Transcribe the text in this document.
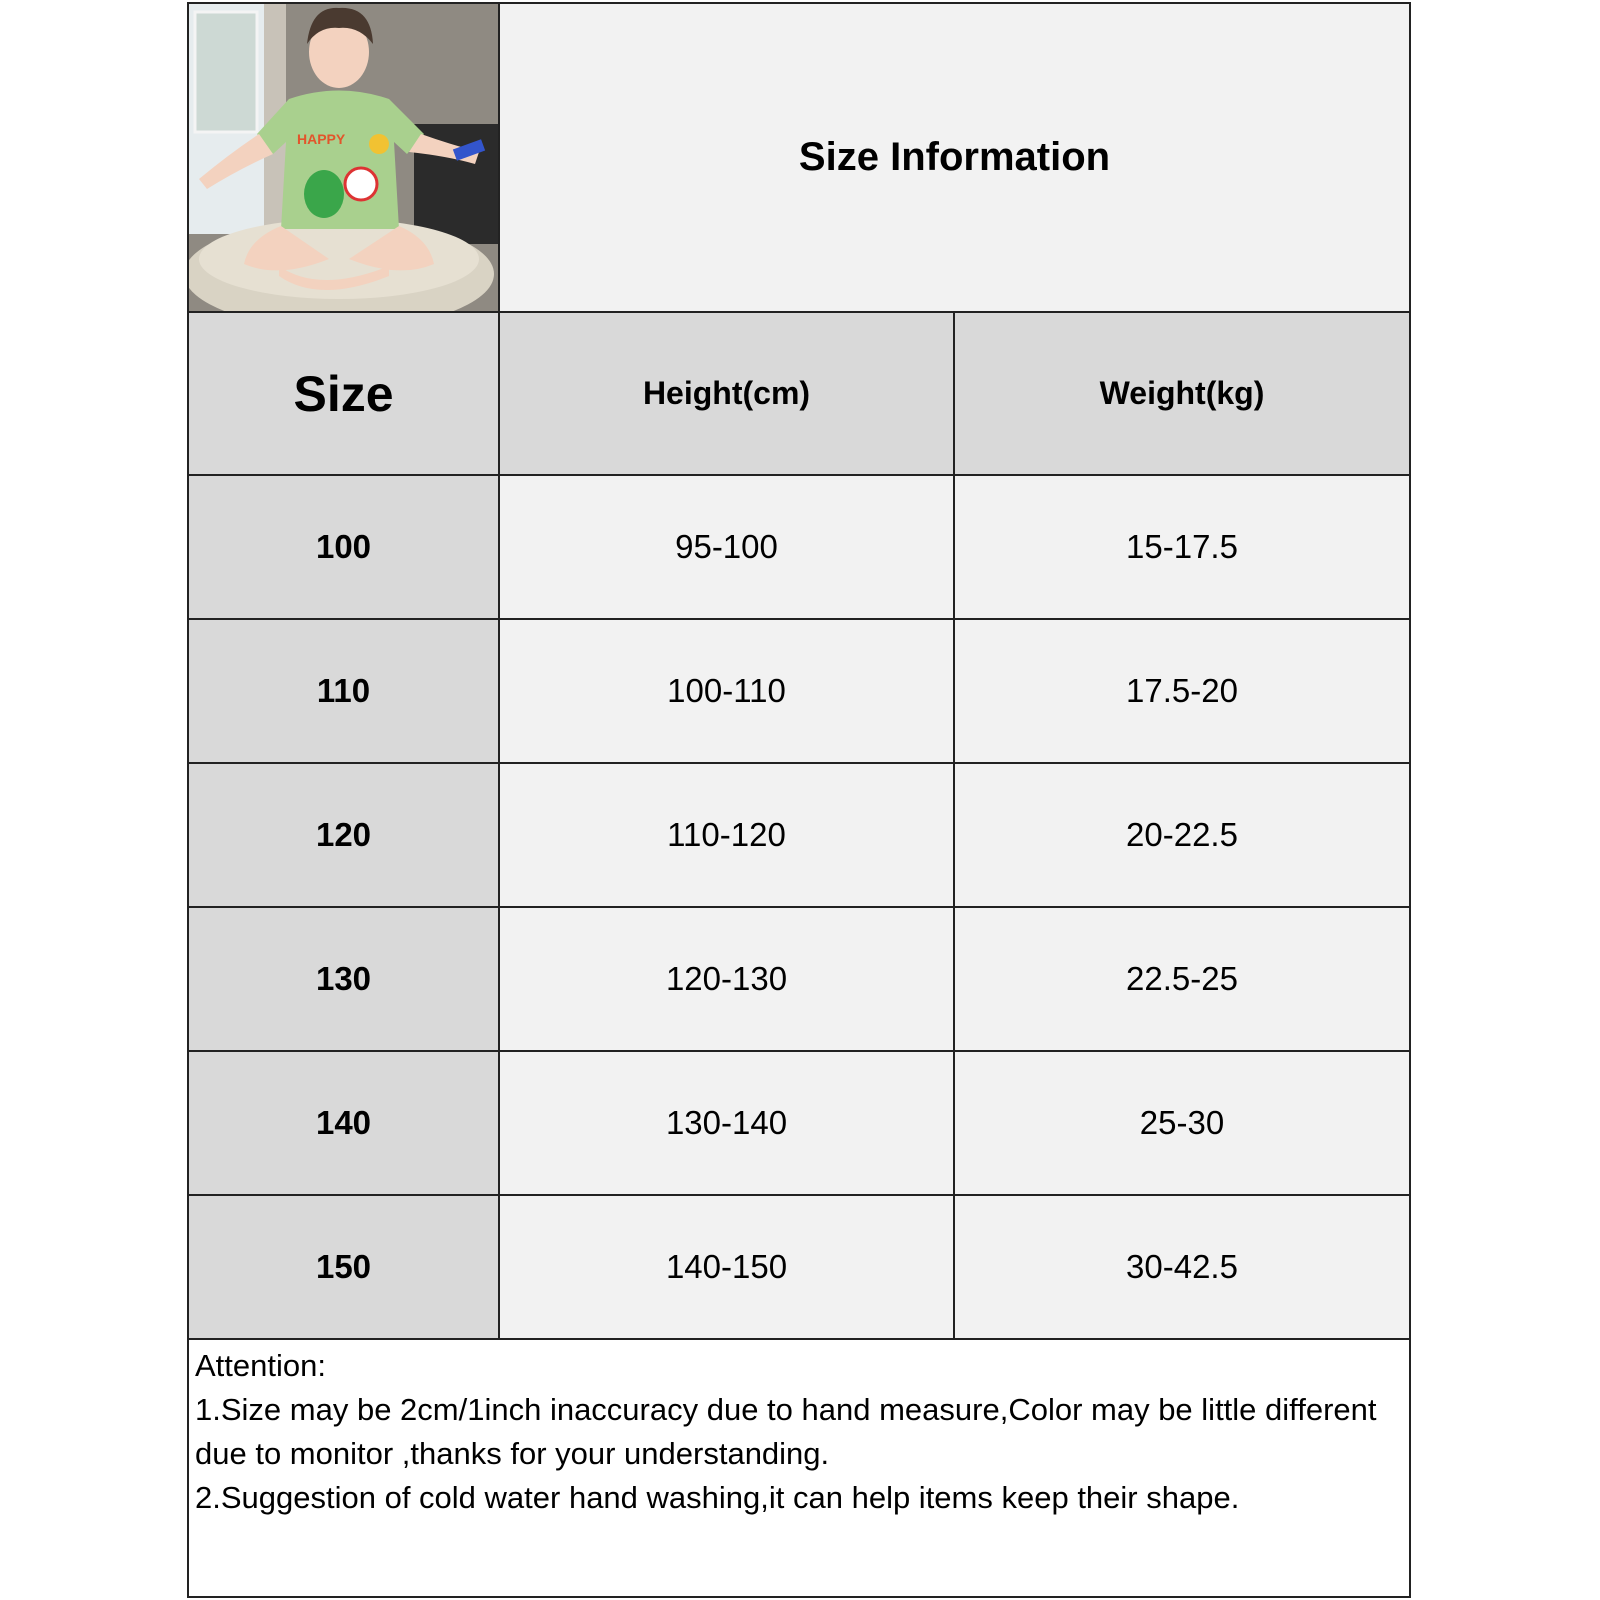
HAPPY	Size Information
Size	Height(cm)	Weight(kg)
100	95-100	15-17.5
110	100-110	17.5-20
120	110-120	20-22.5
130	120-130	22.5-25
140	130-140	25-30
150	140-150	30-42.5

Attention:

1.Size may be 2cm/1inch inaccuracy due to hand measure,Color may be little different due to monitor ,thanks for your understanding.

2.Suggestion of cold water hand washing,it can help items keep their shape.
